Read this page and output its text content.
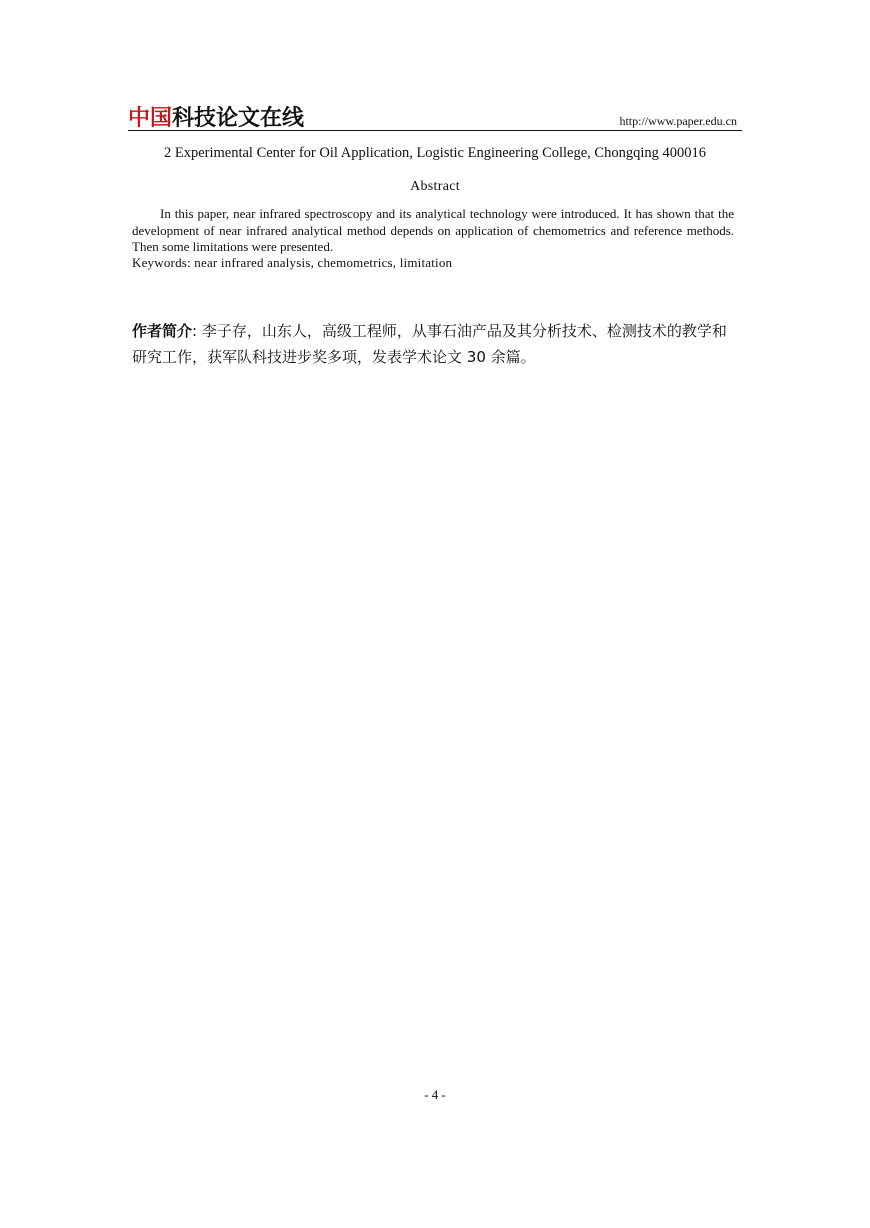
中国 科技论文在线	http://www.paper.edu.cn
2 Experimental Center for Oil Application, Logistic Engineering College, Chongqing 400016
Abstract
In this paper, near infrared spectroscopy and its analytical technology were introduced. It has shown that the development of near infrared analytical method depends on application of chemometrics and reference methods. Then some limitations were presented.
Keywords: near infrared analysis, chemometrics, limitation
作者简介: 李子存，山东人，高级工程师，从事石油产品及其分析技术、检测技术的教学和研究工作，获军队科技进步奖多项，发表学术论文 30 余篇。
- 4 -
